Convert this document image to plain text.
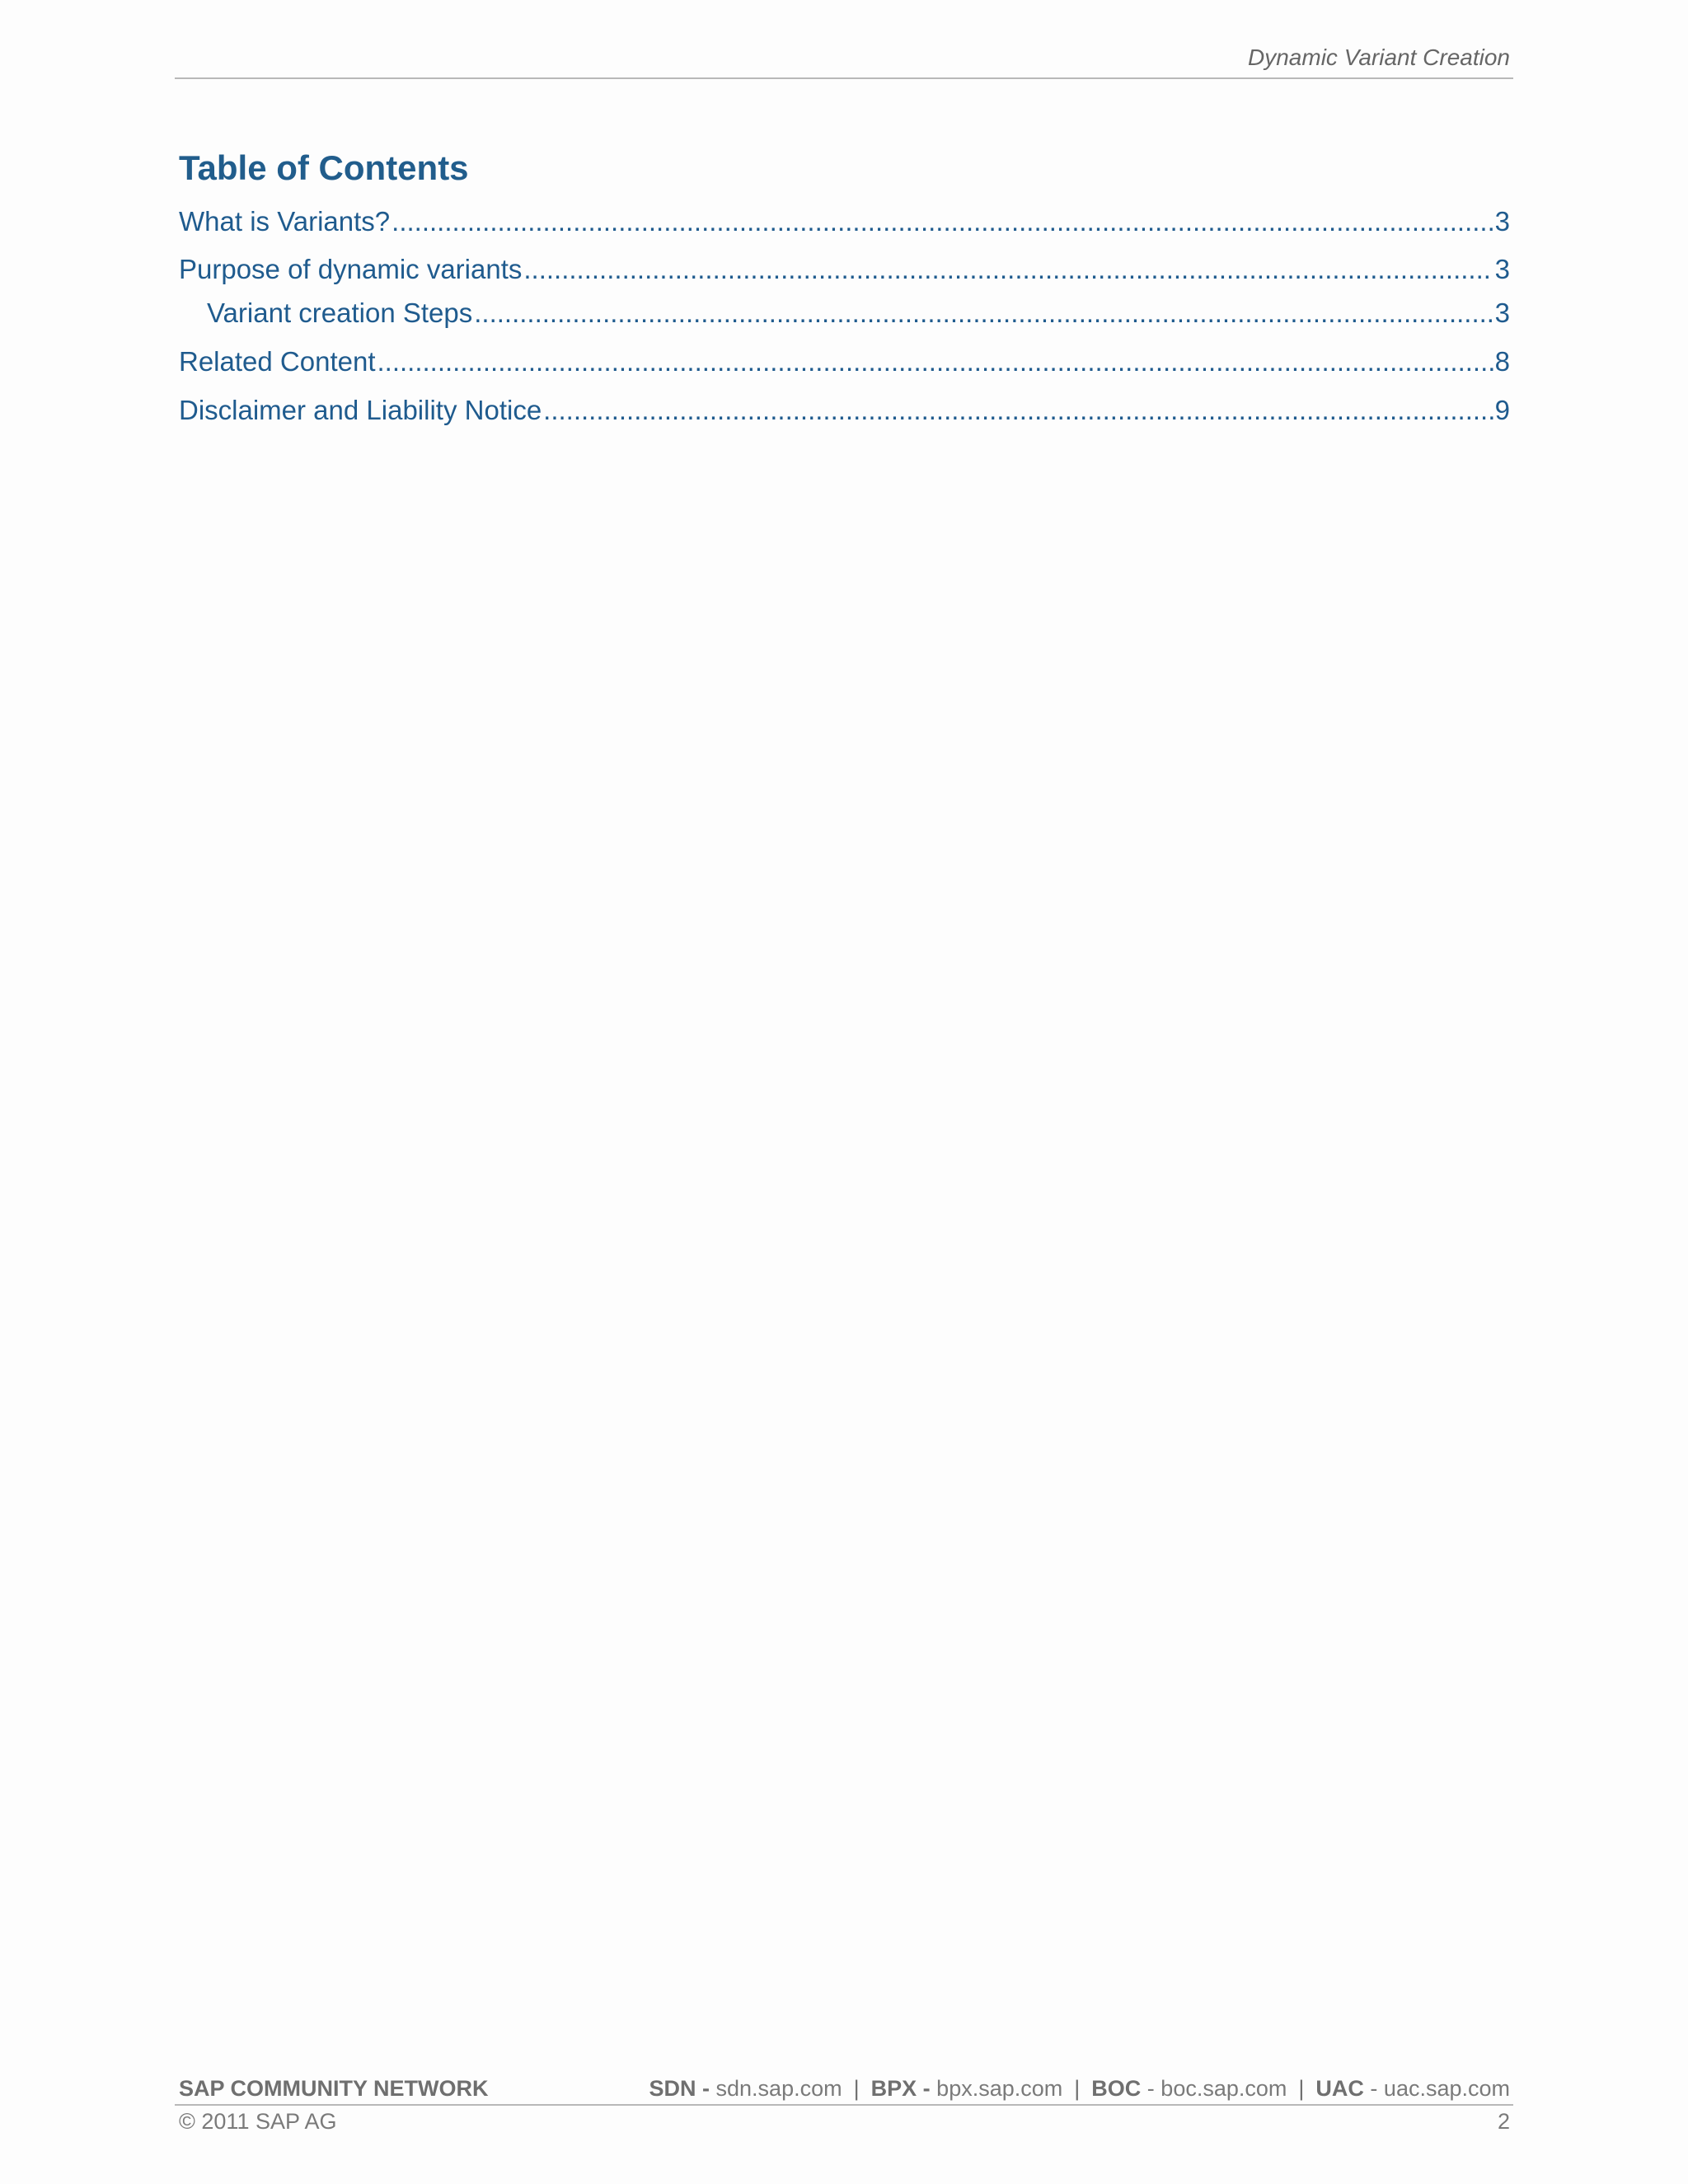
Dynamic Variant Creation
Table of Contents
What is Variants? .....	3
Purpose of dynamic variants .....	3
Variant creation Steps .....	3
Related Content .....	8
Disclaimer and Liability Notice .....	9
SAP COMMUNITY NETWORK	SDN - sdn.sap.com | BPX - bpx.sap.com | BOC - boc.sap.com | UAC - uac.sap.com
© 2011 SAP AG	2
